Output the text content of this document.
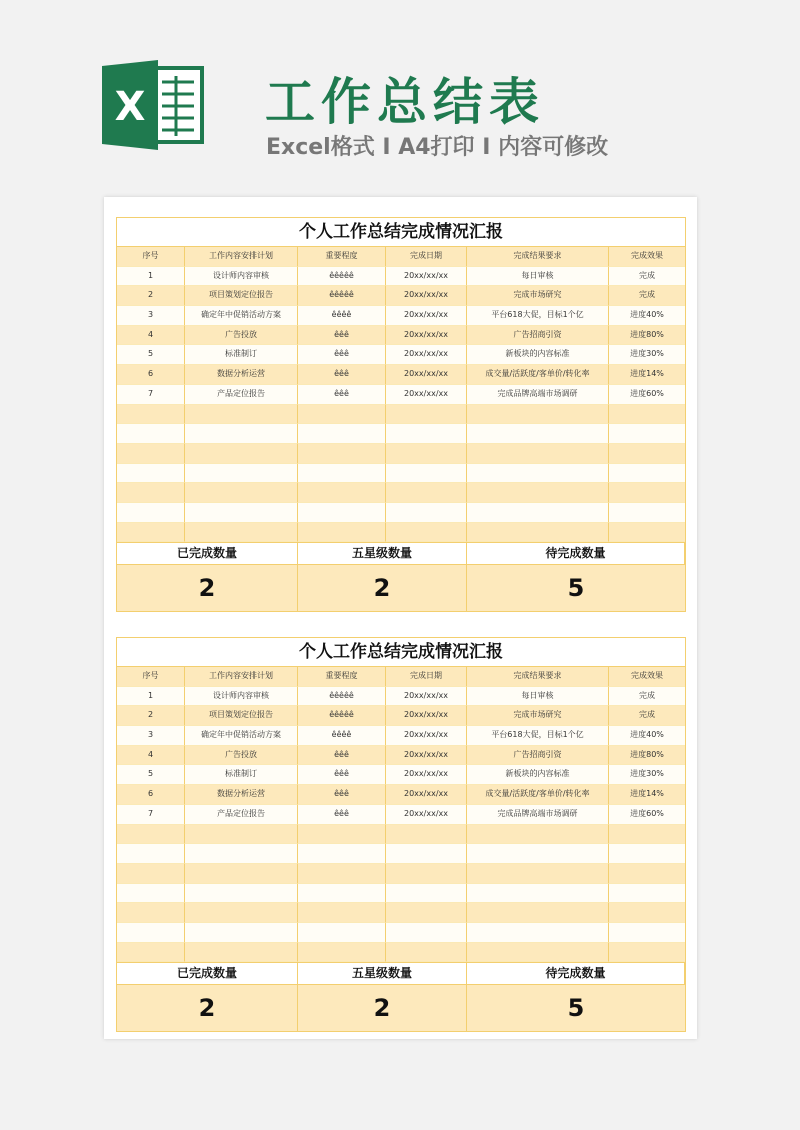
X 工作总结表
Excel格式 I A4打印 I 内容可修改
个人工作总结完成情况汇报
序号	工作内容安排计划	重要程度	完成日期	完成结果要求	完成效果
1	设计师内容审核	êêêêê	20xx/xx/xx	每日审核	完成
2	项目策划定位报告	êêêêê	20xx/xx/xx	完成市场研究	完成
3	确定年中促销活动方案	êêêê	20xx/xx/xx	平台618大促，目标1个亿	进度40%
4	广告投放	êêê	20xx/xx/xx	广告招商引资	进度80%
5	标准制订	êêê	20xx/xx/xx	新板块的内容标准	进度30%
6	数据分析运营	êêê	20xx/xx/xx	成交量/活跃度/客单价/转化率	进度14%
7	产品定位报告	êêê	20xx/xx/xx	完成品牌高端市场调研	进度60%
已完成数量	五星级数量	待完成数量
2	2	5
个人工作总结完成情况汇报
序号	工作内容安排计划	重要程度	完成日期	完成结果要求	完成效果
1	设计师内容审核	êêêêê	20xx/xx/xx	每日审核	完成
2	项目策划定位报告	êêêêê	20xx/xx/xx	完成市场研究	完成
3	确定年中促销活动方案	êêêê	20xx/xx/xx	平台618大促，目标1个亿	进度40%
4	广告投放	êêê	20xx/xx/xx	广告招商引资	进度80%
5	标准制订	êêê	20xx/xx/xx	新板块的内容标准	进度30%
6	数据分析运营	êêê	20xx/xx/xx	成交量/活跃度/客单价/转化率	进度14%
7	产品定位报告	êêê	20xx/xx/xx	完成品牌高端市场调研	进度60%
已完成数量	五星级数量	待完成数量
2	2	5
